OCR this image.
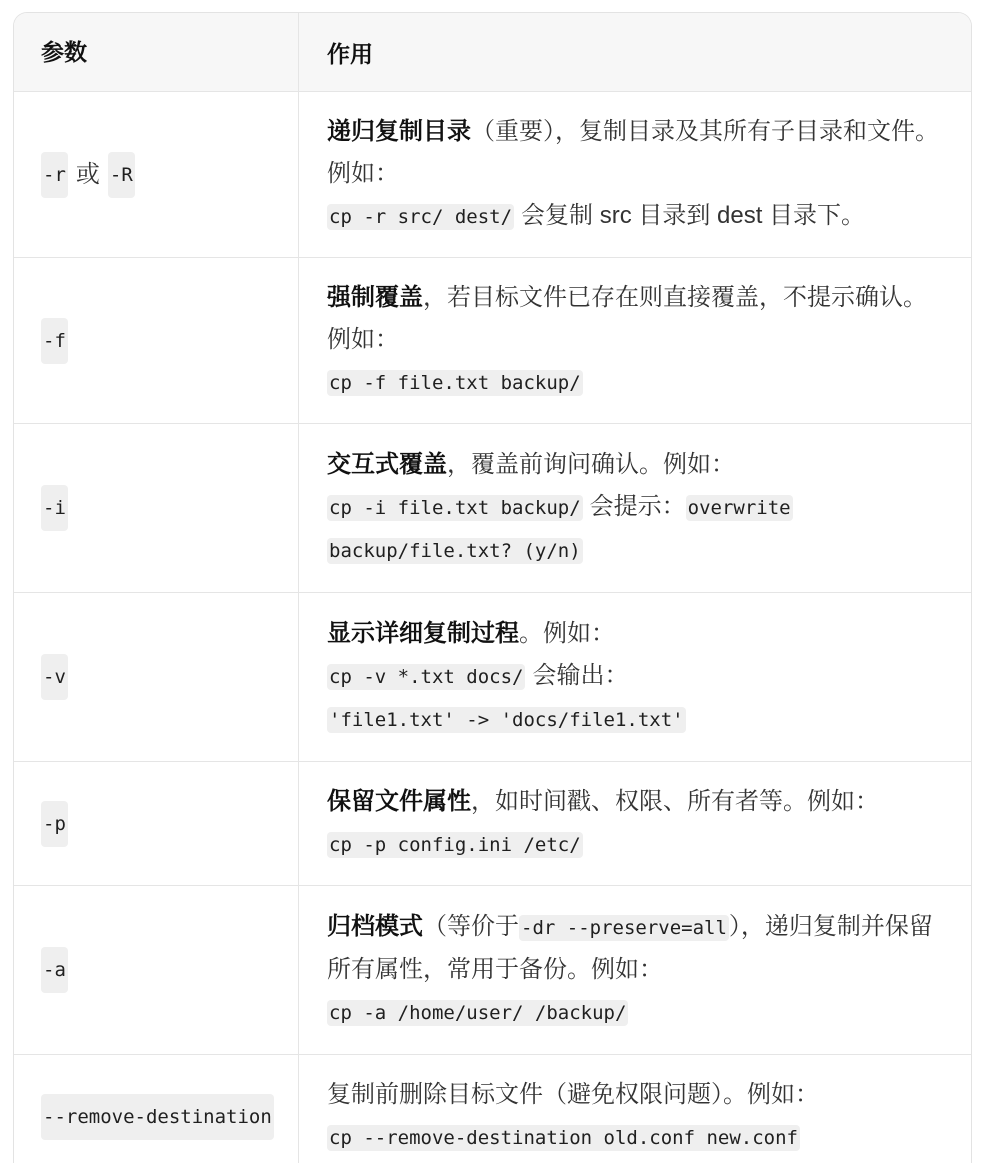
参数	作用
-r 或 -R
递归复制目录（重要），复制目录及其所有子目录和文件。例如：
cp -r src/ dest/ 会复制 src 目录到 dest 目录下。
-f
强制覆盖，若目标文件已存在则直接覆盖，不提示确认。例如：
cp -f file.txt backup/
-i
交互式覆盖，覆盖前询问确认。例如：
cp -i file.txt backup/ 会提示： overwrite backup/file.txt? (y/n)
-v
显示详细复制过程。例如：
cp -v *.txt docs/ 会输出：
'file1.txt' -> 'docs/file1.txt'
-p
保留文件属性，如时间戳、权限、所有者等。例如：
cp -p config.ini /etc/
-a
归档模式（等价于 -dr --preserve=all），递归复制并保留所有属性，常用于备份。例如：
cp -a /home/user/ /backup/
--remove-destination
复制前删除目标文件（避免权限问题）。例如：
cp --remove-destination old.conf new.conf
